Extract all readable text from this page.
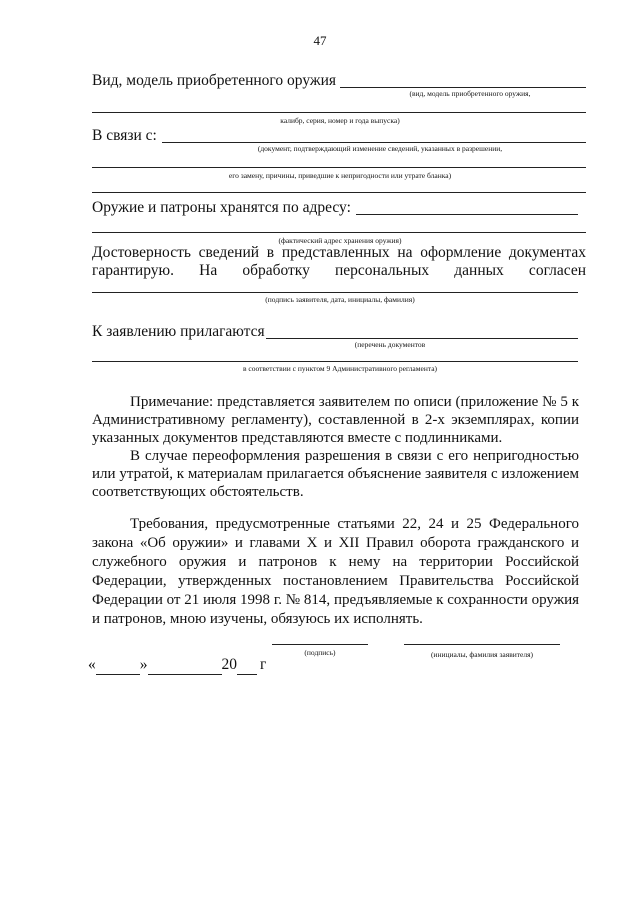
47
Вид, модель приобретенного оружия
(вид, модель приобретенного оружия,
калибр, серия, номер и года выпуска)
В связи с:
(документ, подтверждающий изменение сведений, указанных в разрешении,
его замену, причины, приведшие к непригодности или утрате бланка)
Оружие и патроны хранятся по адресу:
(фактический адрес хранения оружия)
Достоверность сведений в представленных на оформление документах
гарантирую. На обработку персональных данных согласен
(подпись заявителя, дата, инициалы, фамилия)
К заявлению прилагаются
(перечень документов
в соответствии с пунктом 9 Административного регламента)
Примечание: представляется заявителем по описи (приложение № 5 к Административному регламенту), составленной в 2-х экземплярах, копии указанных документов представляются вместе с подлинниками.
В случае переоформления разрешения в связи с его непригодностью или утратой, к материалам прилагается объяснение заявителя с изложением соответствующих обстоятельств.
Требования, предусмотренные статьями 22, 24 и 25 Федерального закона «Об оружии» и главами X и XII Правил оборота гражданского и служебного оружия и патронов к нему на территории Российской Федерации, утвержденных постановлением Правительства Российской Федерации от 21 июля 1998 г. № 814, предъявляемые к сохранности оружия и патронов, мною изучены, обязуюсь их исполнять.
(подпись)	(инициалы, фамилия заявителя)
«	»	20 г
